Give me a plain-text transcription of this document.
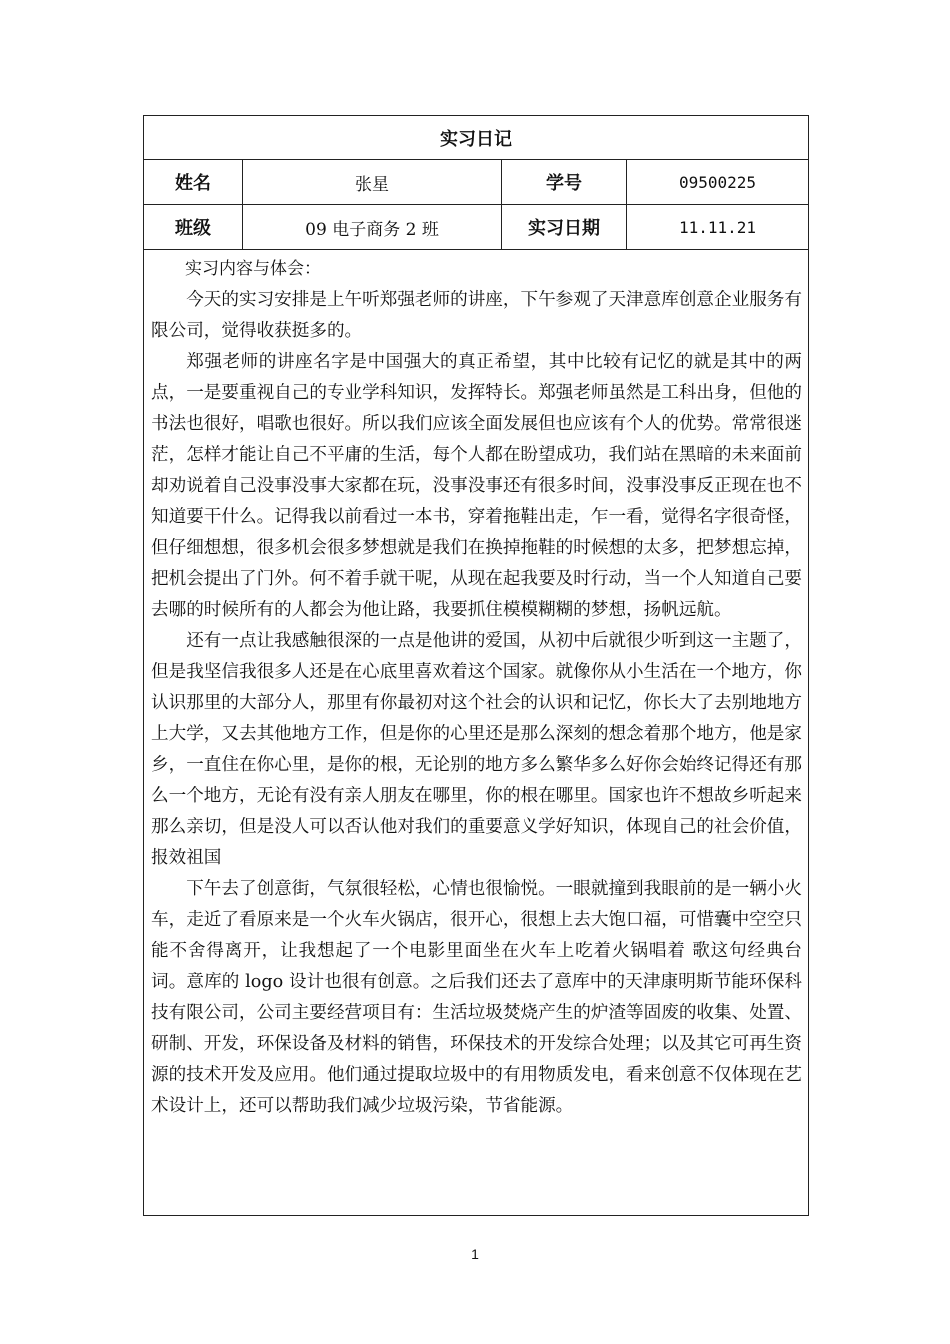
实习日记			
姓名	张星	学号	09500225
班级	09 电子商务 2 班	实习日期	11.11.21

实习内容与体会：

今天的实习安排是上午听郑强老师的讲座，下午参观了天津意库创意企业服务有限公司，觉得收获挺多的。

郑强老师的讲座名字是中国强大的真正希望，其中比较有记忆的就是其中的两点，一是要重视自己的专业学科知识，发挥特长。郑强老师虽然是工科出身，但他的书法也很好，唱歌也很好。所以我们应该全面发展但也应该有个人的优势。常常很迷茫，怎样才能让自己不平庸的生活，每个人都在盼望成功，我们站在黑暗的未来面前却劝说着自己没事没事大家都在玩，没事没事还有很多时间，没事没事反正现在也不知道要干什么。记得我以前看过一本书，穿着拖鞋出走，乍一看，觉得名字很奇怪，但仔细想想，很多机会很多梦想就是我们在换掉拖鞋的时候想的太多，把梦想忘掉，把机会提出了门外。何不着手就干呢，从现在起我要及时行动，当一个人知道自己要去哪的时候所有的人都会为他让路，我要抓住模模糊糊的梦想，扬帆远航。

还有一点让我感触很深的一点是他讲的爱国，从初中后就很少听到这一主题了，但是我坚信我很多人还是在心底里喜欢着这个国家。就像你从小生活在一个地方，你认识那里的大部分人，那里有你最初对这个社会的认识和记忆，你长大了去别地地方上大学，又去其他地方工作，但是你的心里还是那么深刻的想念着那个地方，他是家乡，一直住在你心里，是你的根，无论别的地方多么繁华多么好你会始终记得还有那么一个地方，无论有没有亲人朋友在哪里，你的根在哪里。国家也许不想故乡听起来那么亲切，但是没人可以否认他对我们的重要意义学好知识，体现自己的社会价值，报效祖国

下午去了创意街，气氛很轻松，心情也很愉悦。一眼就撞到我眼前的是一辆小火车，走近了看原来是一个火车火锅店，很开心，很想上去大饱口福，可惜囊中空空只能不舍得离开，让我想起了一个电影里面坐在火车上吃着火锅唱着 歌这句经典台词。意库的 logo 设计也很有创意。之后我们还去了意库中的天津康明斯节能环保科技有限公司，公司主要经营项目有：生活垃圾焚烧产生的炉渣等固废的收集、处置、研制、开发，环保设备及材料的销售，环保技术的开发综合处理；以及其它可再生资源的技术开发及应用。他们通过提取垃圾中的有用物质发电，看来创意不仅体现在艺术设计上，还可以帮助我们减少垃圾污染，节省能源。			

1
